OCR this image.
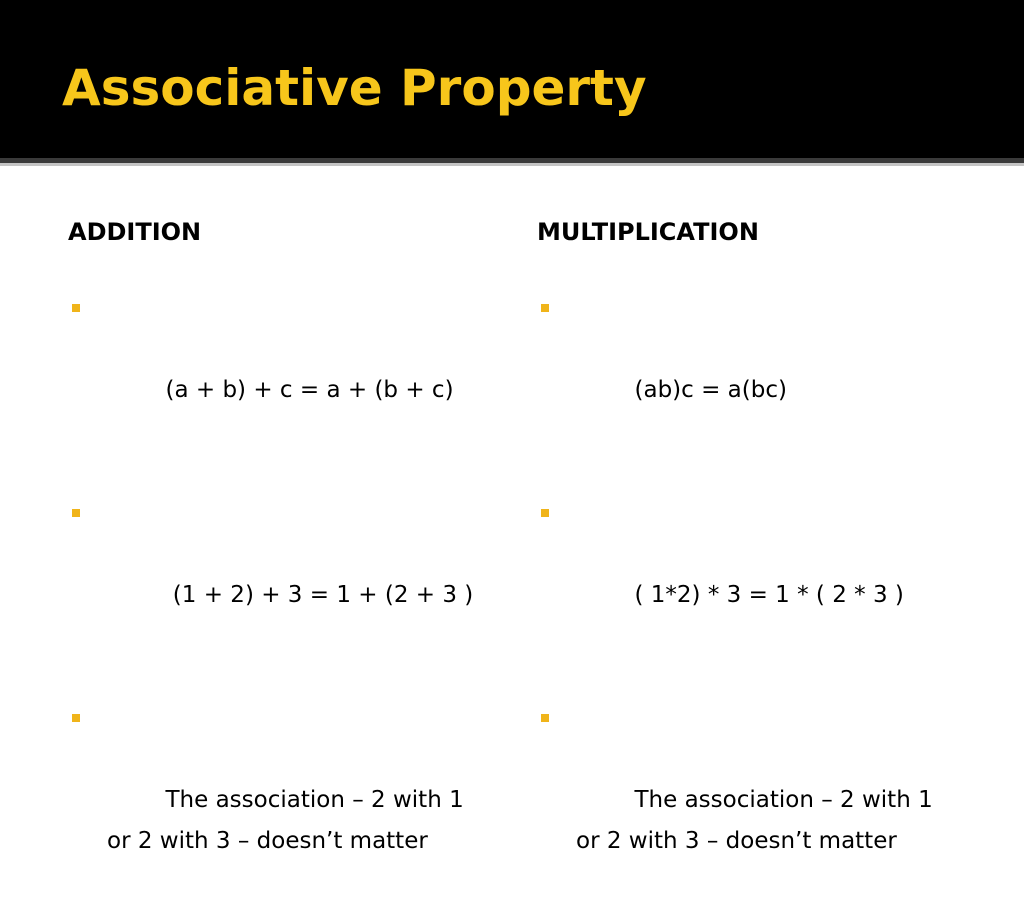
Associative Property
ADDITION

(a + b) + c = a + (b + c)

(1 + 2) + 3 = 1 + (2 + 3 )

The association – 2 with 1
or 2 with 3 – doesn’t matter

MULTIPLICATION

(ab)c = a(bc)

( 1*2) * 3 = 1 * ( 2 * 3 )

The association – 2 with 1
or 2 with 3 – doesn’t matter
